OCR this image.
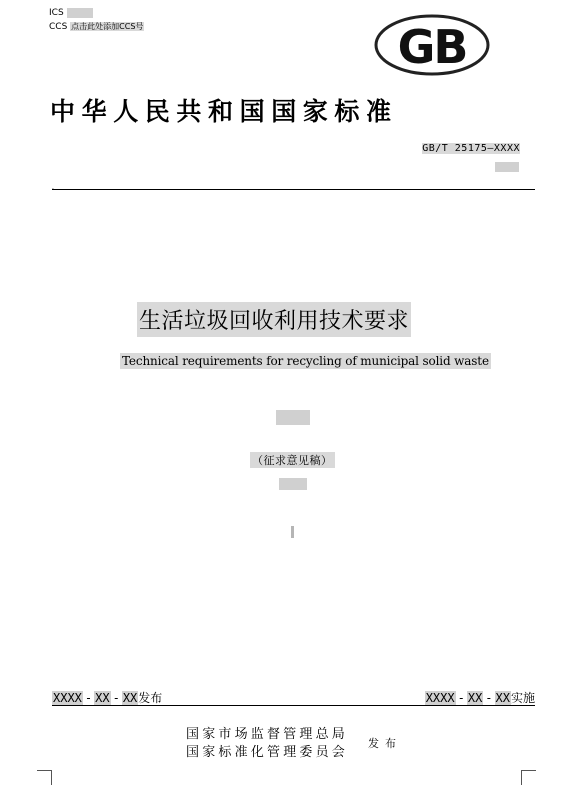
ICS
CCS 点击此处添加CCS号	GB
中华人民共和国国家标准
GB/T 25175—XXXX
.
生活垃圾回收利用技术要求
Technical requirements for recycling of municipal solid waste
（征求意见稿）
XXXX - XX - XX发布	XXXX - XX - XX实施
国家市场监督管理总局
国家标准化管理委员会
发布
